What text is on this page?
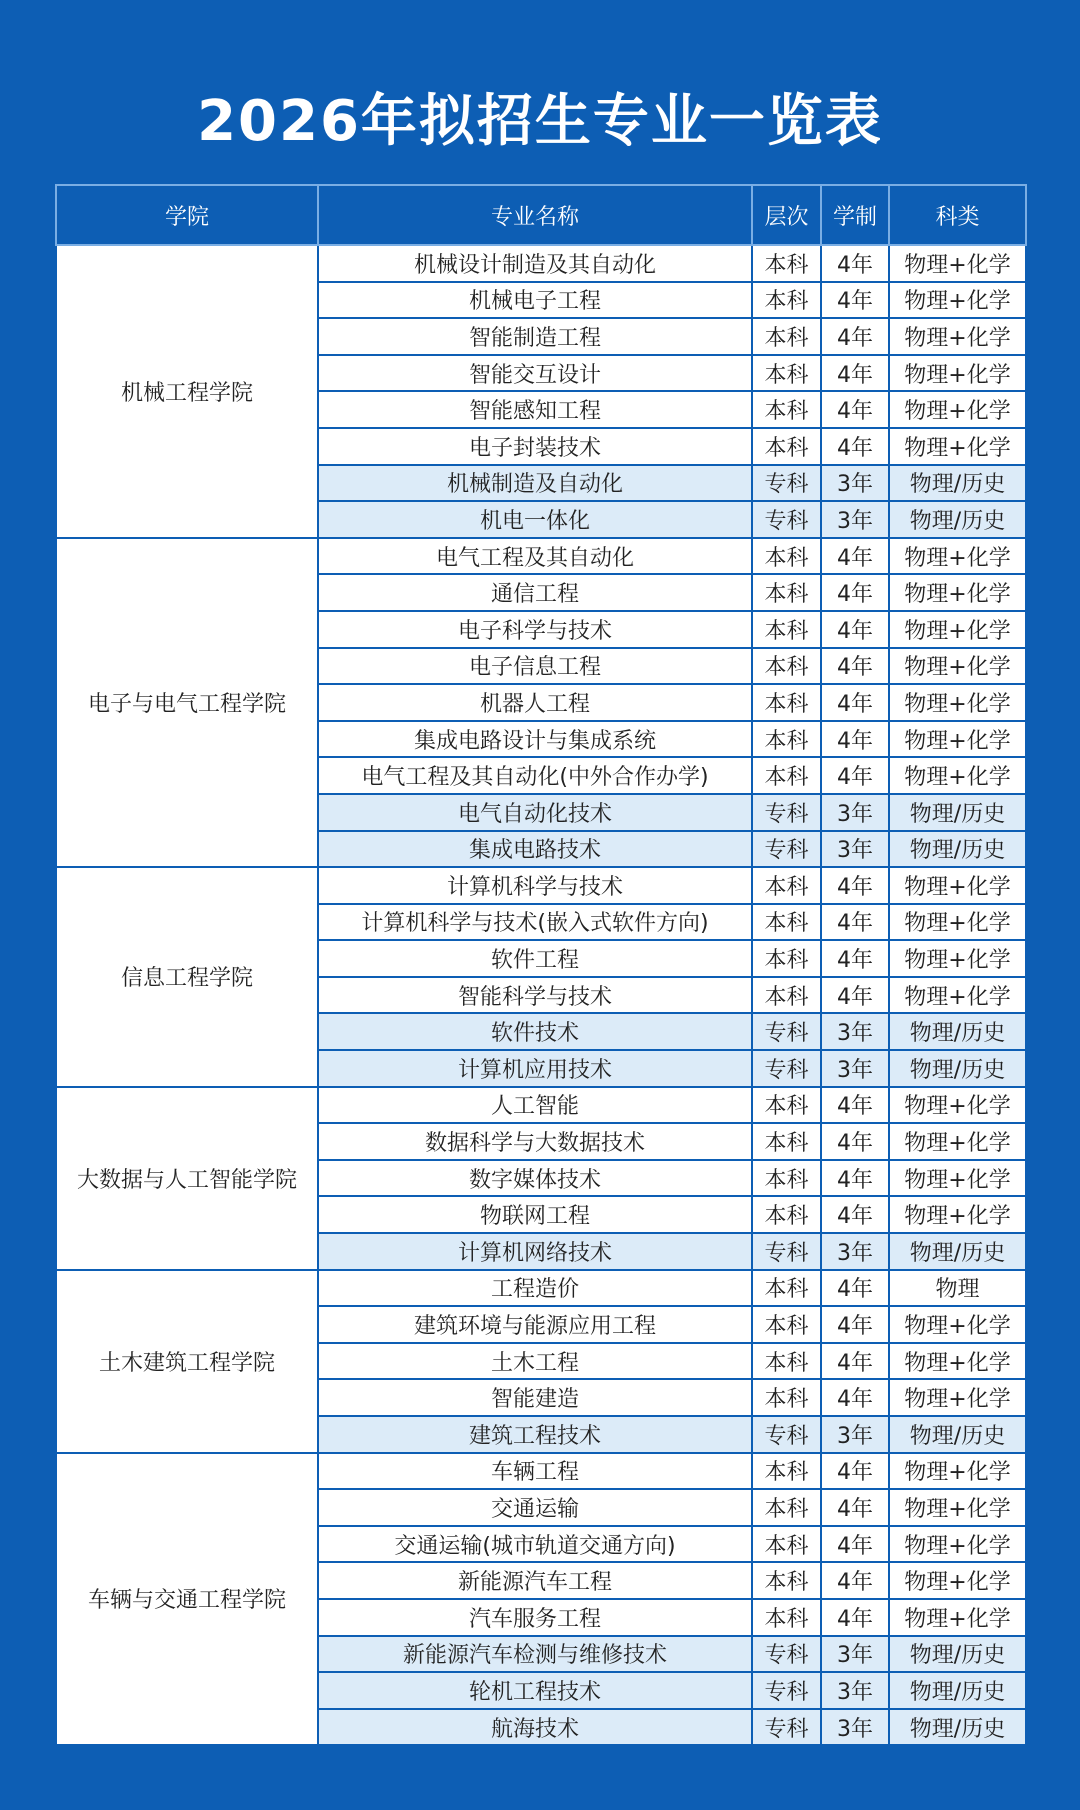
2026年拟招生专业一览表
学院	专业名称	层次	学制	科类
机械工程学院	机械设计制造及其自动化	本科	4年	物理+化学
	机械电子工程	本科	4年	物理+化学
	智能制造工程	本科	4年	物理+化学
	智能交互设计	本科	4年	物理+化学
	智能感知工程	本科	4年	物理+化学
	电子封装技术	本科	4年	物理+化学
	机械制造及自动化	专科	3年	物理/历史
	机电一体化	专科	3年	物理/历史
电子与电气工程学院	电气工程及其自动化	本科	4年	物理+化学
	通信工程	本科	4年	物理+化学
	电子科学与技术	本科	4年	物理+化学
	电子信息工程	本科	4年	物理+化学
	机器人工程	本科	4年	物理+化学
	集成电路设计与集成系统	本科	4年	物理+化学
	电气工程及其自动化(中外合作办学)	本科	4年	物理+化学
	电气自动化技术	专科	3年	物理/历史
	集成电路技术	专科	3年	物理/历史
信息工程学院	计算机科学与技术	本科	4年	物理+化学
	计算机科学与技术(嵌入式软件方向)	本科	4年	物理+化学
	软件工程	本科	4年	物理+化学
	智能科学与技术	本科	4年	物理+化学
	软件技术	专科	3年	物理/历史
	计算机应用技术	专科	3年	物理/历史
大数据与人工智能学院	人工智能	本科	4年	物理+化学
	数据科学与大数据技术	本科	4年	物理+化学
	数字媒体技术	本科	4年	物理+化学
	物联网工程	本科	4年	物理+化学
	计算机网络技术	专科	3年	物理/历史
土木建筑工程学院	工程造价	本科	4年	物理
	建筑环境与能源应用工程	本科	4年	物理+化学
	土木工程	本科	4年	物理+化学
	智能建造	本科	4年	物理+化学
	建筑工程技术	专科	3年	物理/历史
车辆与交通工程学院	车辆工程	本科	4年	物理+化学
	交通运输	本科	4年	物理+化学
	交通运输(城市轨道交通方向)	本科	4年	物理+化学
	新能源汽车工程	本科	4年	物理+化学
	汽车服务工程	本科	4年	物理+化学
	新能源汽车检测与维修技术	专科	3年	物理/历史
	轮机工程技术	专科	3年	物理/历史
	航海技术	专科	3年	物理/历史
